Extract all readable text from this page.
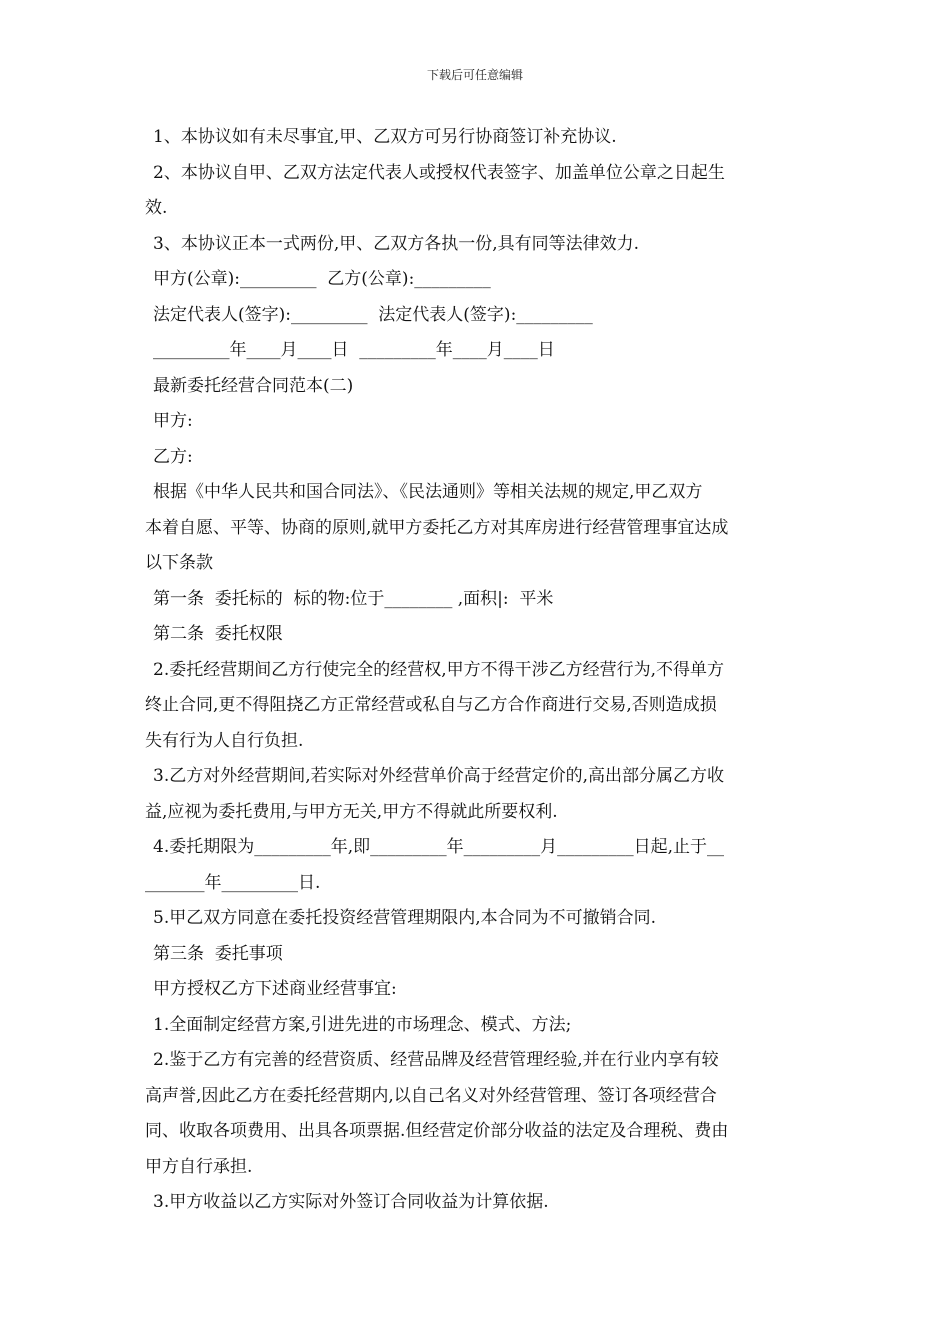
下载后可任意编辑
1、本协议如有未尽事宜,甲、乙双方可另行协商签订补充协议.
2、本协议自甲、乙双方法定代表人或授权代表签字、加盖单位公章之日起生
效.
3、本协议正本一式两份,甲、乙双方各执一份,具有同等法律效力.
甲方(公章):_________  乙方(公章):_________
法定代表人(签字):_________  法定代表人(签字):_________
_________年____月____日  _________年____月____日
最新委托经营合同范本(二)
甲方:
乙方:
根据《中华人民共和国合同法》、《民法通则》等相关法规的规定,甲乙双方
本着自愿、平等、协商的原则,就甲方委托乙方对其库房进行经营管理事宜达成
以下条款
第一条  委托标的  标的物:位于________ ,面积|:  平米
第二条  委托权限
2.委托经营期间乙方行使完全的经营权,甲方不得干涉乙方经营行为,不得单方
终止合同,更不得阻挠乙方正常经营或私自与乙方合作商进行交易,否则造成损
失有行为人自行负担.
3.乙方对外经营期间,若实际对外经营单价高于经营定价的,高出部分属乙方收
益,应视为委托费用,与甲方无关,甲方不得就此所要权利.
4.委托期限为_________年,即_________年_________月_________日起,止于__
_______年_________日.
5.甲乙双方同意在委托投资经营管理期限内,本合同为不可撤销合同.
第三条  委托事项
甲方授权乙方下述商业经营事宜:
1.全面制定经营方案,引进先进的市场理念、模式、方法;
2.鉴于乙方有完善的经营资质、经营品牌及经营管理经验,并在行业内享有较
高声誉,因此乙方在委托经营期内,以自己名义对外经营管理、签订各项经营合
同、收取各项费用、出具各项票据.但经营定价部分收益的法定及合理税、费由
甲方自行承担.
3.甲方收益以乙方实际对外签订合同收益为计算依据.
